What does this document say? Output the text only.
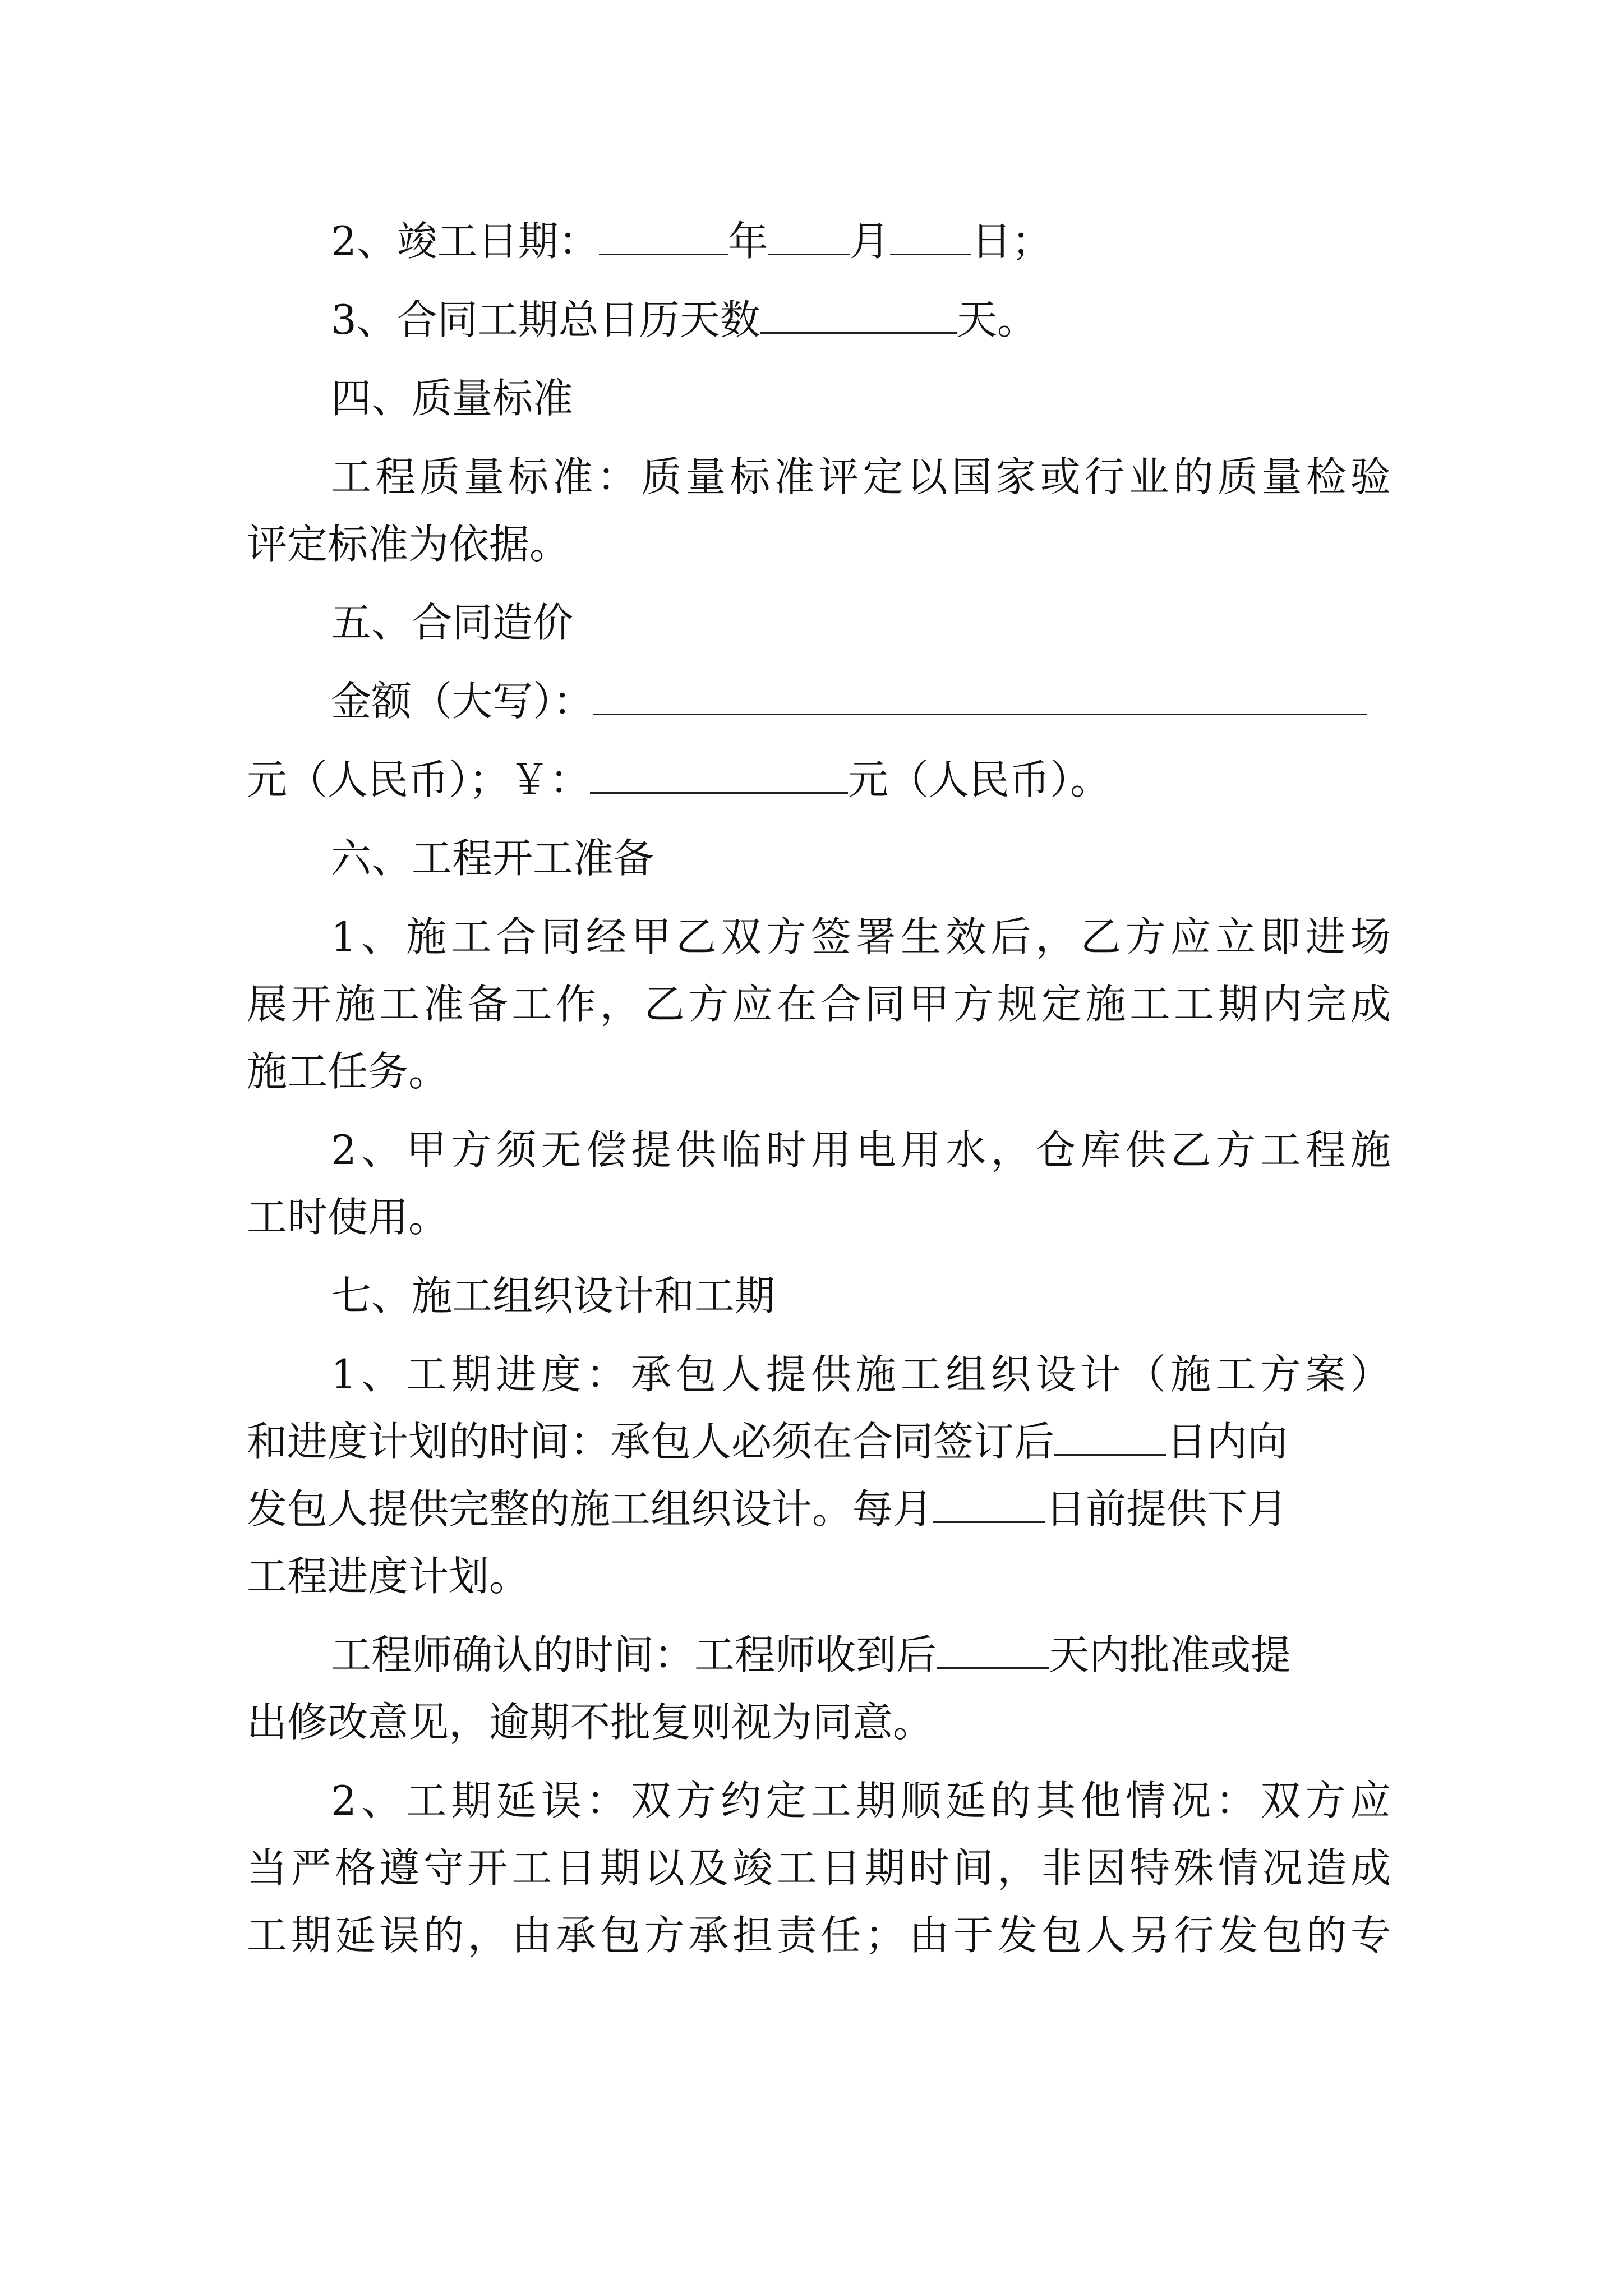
2、竣工日期：	年 月 日；
3、合同工期总日历天数	天。
四、质量标准
工 程 质 量 标 准 ： 质 量 标 准 评 定 以 国 家 或 行 业 的 质 量 检 验
评定标准为依据。
五、合同造价
金额（大写）：
元（人民币）；￥：	元（人民币）。
六、工程开工准备
1 、 施 工 合 同 经 甲 乙 双 方 签 署 生 效 后 ， 乙 方 应 立 即 进 场
展 开 施 工 准 备 工 作 ， 乙 方 应 在 合 同 甲 方 规 定 施 工 工 期 内 完 成
施工任务。
2 、 甲 方 须 无 偿 提 供 临 时 用 电 用 水 ， 仓 库 供 乙 方 工 程 施
工时使用。
七、施工组织设计和工期
1 、 工 期 进 度 ： 承 包 人 提 供 施 工 组 织 设 计 （ 施 工 方 案 ）
和进度计划的时间：承包人必须在合同签订后	日内向
发包人提供完整的施工组织设计。每月	日前提供下月
工程进度计划。
工程师确认的时间：工程师收到后	天内批准或提
出修改意见，逾期不批复则视为同意。
2 、 工 期 延 误 ： 双 方 约 定 工 期 顺 延 的 其 他 情 况 ： 双 方 应
当 严 格 遵 守 开 工 日 期 以 及 竣 工 日 期 时 间 ， 非 因 特 殊 情 况 造 成
工 期 延 误 的 ， 由 承 包 方 承 担 责 任 ； 由 于 发 包 人 另 行 发 包 的 专
